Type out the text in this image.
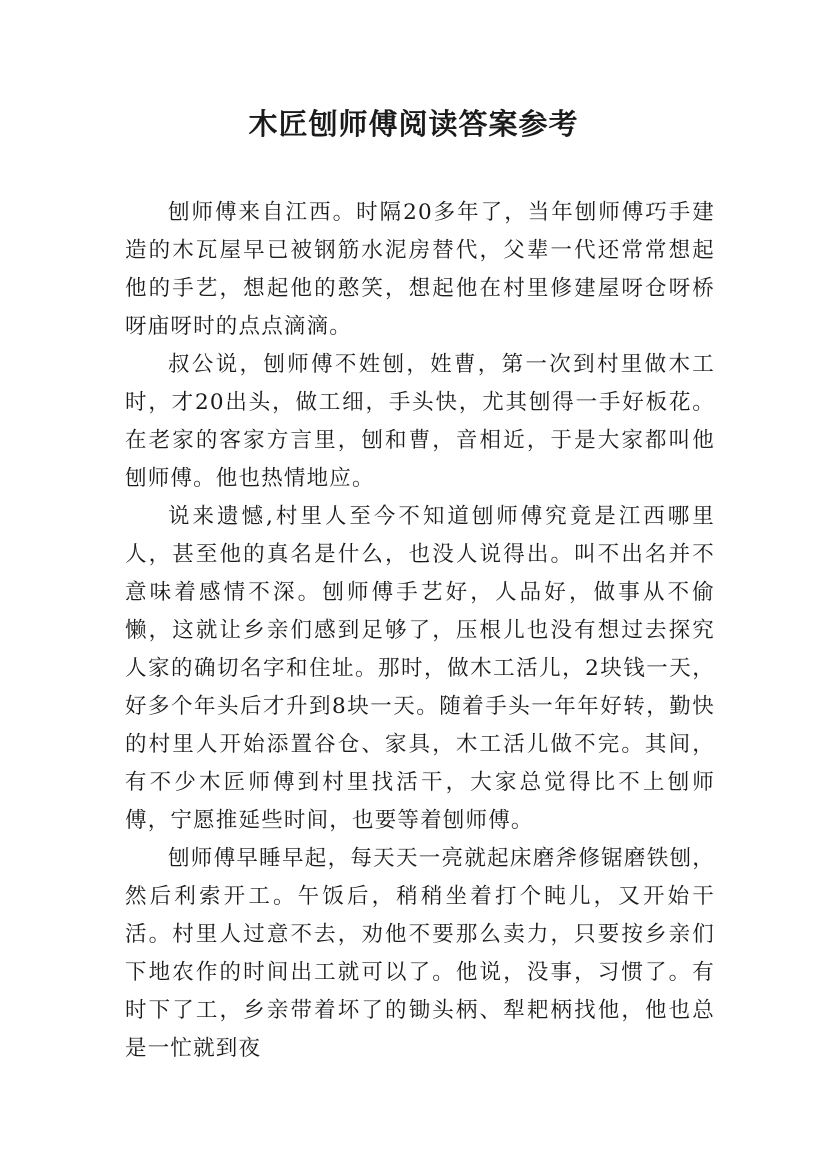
木匠刨师傅阅读答案参考

刨师傅来自江西。时隔20多年了，当年刨师傅巧手建造的木瓦屋早已被钢筋水泥房替代，父辈一代还常常想起他的手艺，想起他的憨笑，想起他在村里修建屋呀仓呀桥呀庙呀时的点点滴滴。

叔公说，刨师傅不姓刨，姓曹，第一次到村里做木工时，才20出头，做工细，手头快，尤其刨得一手好板花。在老家的客家方言里，刨和曹，音相近，于是大家都叫他刨师傅。他也热情地应。

说来遗憾,村里人至今不知道刨师傅究竟是江西哪里人，甚至他的真名是什么，也没人说得出。叫不出名并不意味着感情不深。刨师傅手艺好，人品好，做事从不偷懒，这就让乡亲们感到足够了，压根儿也没有想过去探究人家的确切名字和住址。那时，做木工活儿，2块钱一天，好多个年头后才升到8块一天。随着手头一年年好转，勤快的村里人开始添置谷仓、家具，木工活儿做不完。其间，有不少木匠师傅到村里找活干，大家总觉得比不上刨师傅，宁愿推延些时间，也要等着刨师傅。

刨师傅早睡早起，每天天一亮就起床磨斧修锯磨铁刨，然后利索开工。午饭后，稍稍坐着打个盹儿，又开始干活。村里人过意不去，劝他不要那么卖力，只要按乡亲们下地农作的时间出工就可以了。他说，没事，习惯了。有时下了工，乡亲带着坏了的锄头柄、犁耙柄找他，他也总是一忙就到夜
